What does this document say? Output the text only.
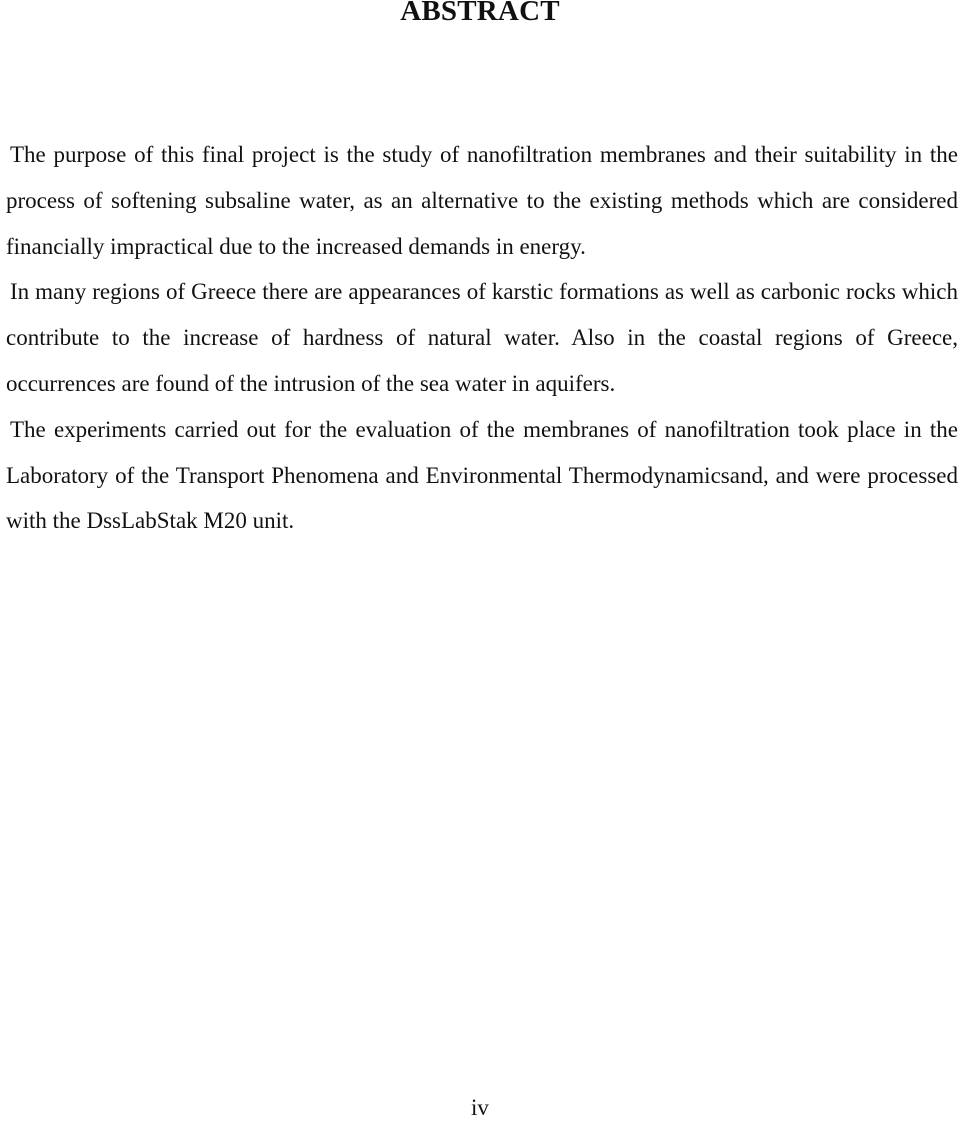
ABSTRACT

The purpose of this final project is the study of nanofiltration membranes and their suitability in the process of softening subsaline water, as an alternative to the existing methods which are considered financially impractical due to the increased demands in energy.

In many regions of Greece there are appearances of karstic formations as well as carbonic rocks which contribute to the increase of hardness of natural water. Also in the coastal regions of Greece, occurrences are found of the intrusion of the sea water in aquifers.

The experiments carried out for the evaluation of the membranes of nanofiltration took place in the Laboratory of the Transport Phenomena and Environmental Thermodynamicsand, and were processed with the DssLabStak M20 unit.

iv
